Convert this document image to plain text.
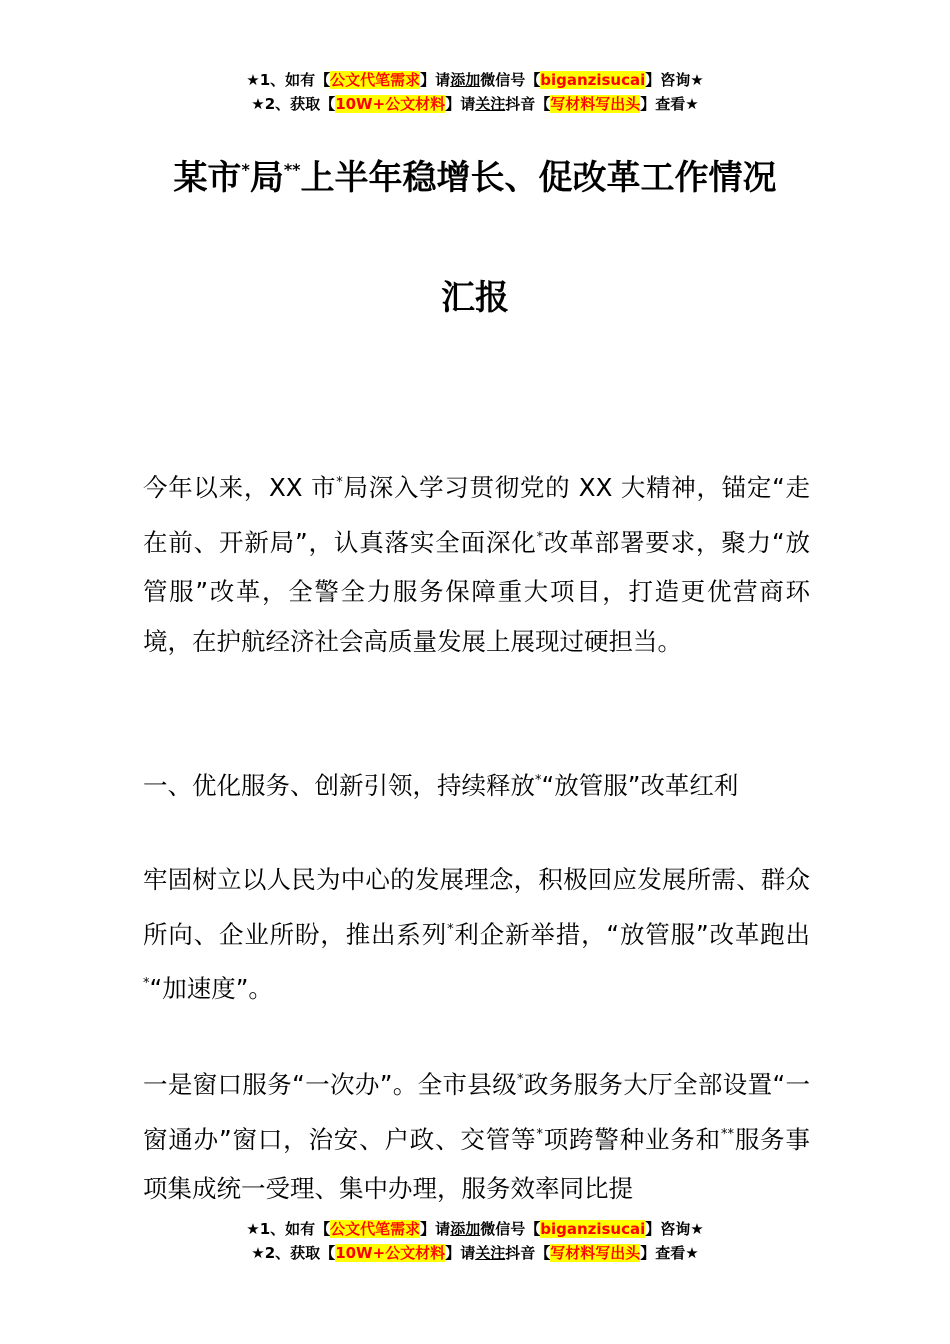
★1、如有【公文代笔需求】请添加微信号【biganzisucai】咨询★
★2、获取【10W+公文材料】请关注抖音【写材料写出头】查看★
某市*局**上半年稳增长、促改革工作情况
汇报

今年以来，XX 市*局深入学习贯彻党的 XX 大精神，锚定“走在前、开新局”，认真落实全面深化*改革部署要求，聚力“放管服”改革，全警全力服务保障重大项目，打造更优营商环境，在护航经济社会高质量发展上展现过硬担当。

一、优化服务、创新引领，持续释放*“放管服”改革红利

牢固树立以人民为中心的发展理念，积极回应发展所需、群众所向、企业所盼，推出系列*利企新举措，“放管服”改革跑出*“加速度”。

一是窗口服务“一次办”。全市县级*政务服务大厅全部设置“一窗通办”窗口，治安、户政、交管等*项跨警种业务和**服务事项集成统一受理、集中办理，服务效率同比提

★1、如有【公文代笔需求】请添加微信号【biganzisucai】咨询★
★2、获取【10W+公文材料】请关注抖音【写材料写出头】查看★
